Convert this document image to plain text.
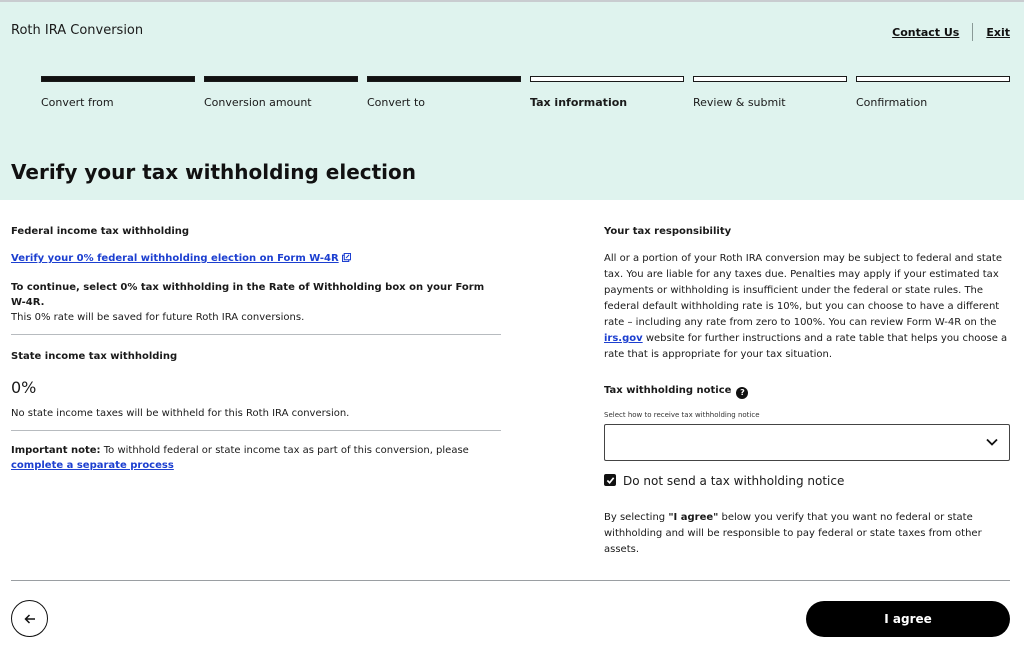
Roth IRA Conversion	Contact Us Exit
Convert from	Conversion amount	Convert to	Tax information	Review & submit	Confirmation
Verify your tax withholding election
Federal income tax withholding
Verify your 0% federal withholding election on Form W-4R
To continue, select 0% tax withholding in the Rate of Withholding box on your Form W-4R.
This 0% rate will be saved for future Roth IRA conversions.
State income tax withholding
0%
No state income taxes will be withheld for this Roth IRA conversion.
Important note: To withhold federal or state income tax as part of this conversion, please complete a separate process
Your tax responsibility
All or a portion of your Roth IRA conversion may be subject to federal and state tax. You are liable for any taxes due. Penalties may apply if your estimated tax payments or withholding is insufficient under the federal or state rules. The federal default withholding rate is 10%, but you can choose to have a different rate – including any rate from zero to 100%. You can review Form W-4R on the irs.gov website for further instructions and a rate table that helps you choose a rate that is appropriate for your tax situation.
Tax withholding notice ?
Select how to receive tax withholding notice
Do not send a tax withholding notice
By selecting "I agree" below you verify that you want no federal or state withholding and will be responsible to pay federal or state taxes from other assets.
I agree
